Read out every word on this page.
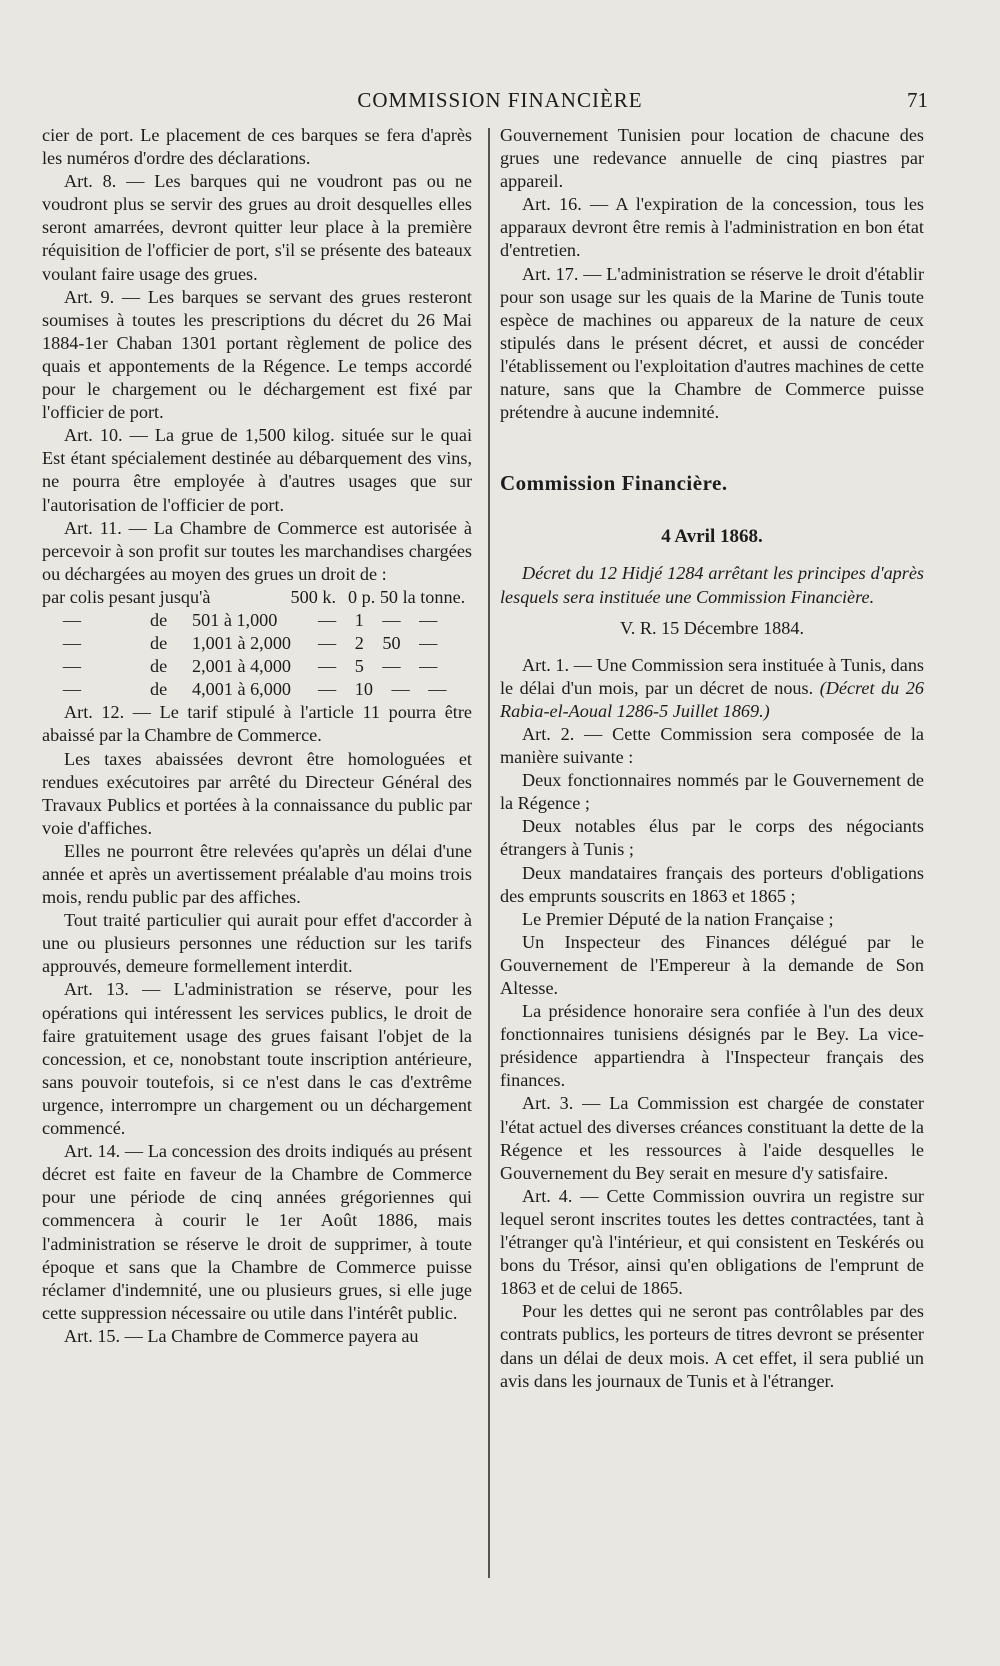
COMMISSION FINANCIÈRE	71

cier de port. Le placement de ces barques se fera d'après les numéros d'ordre des déclarations.

Art. 8. — Les barques qui ne voudront pas ou ne voudront plus se servir des grues au droit desquelles elles seront amarrées, devront quitter leur place à la première réquisition de l'officier de port, s'il se présente des bateaux voulant faire usage des grues.

Art. 9. — Les barques se servant des grues resteront soumises à toutes les prescriptions du décret du 26 Mai 1884-1er Chaban 1301 portant règlement de police des quais et appontements de la Régence. Le temps accordé pour le chargement ou le déchargement est fixé par l'officier de port.

Art. 10. — La grue de 1,500 kilog. située sur le quai Est étant spécialement destinée au débarquement des vins, ne pourra être employée à d'autres usages que sur l'autorisation de l'officier de port.

Art. 11. — La Chambre de Commerce est autorisée à percevoir à son profit sur toutes les marchandises chargées ou déchargées au moyen des grues un droit de :

par colis pesant jusqu'à	500 k. 0 p. 50 la tonne.
—	de	501 à 1,000	— 1 — —
—	de	1,001 à 2,000	— 2 50 —
—	de	2,001 à 4,000	— 5 — —
—	de	4,001 à 6,000	— 10 — —

Art. 12. — Le tarif stipulé à l'article 11 pourra être abaissé par la Chambre de Commerce.

Les taxes abaissées devront être homologuées et rendues exécutoires par arrêté du Directeur Général des Travaux Publics et portées à la connaissance du public par voie d'affiches.

Elles ne pourront être relevées qu'après un délai d'une année et après un avertissement préalable d'au moins trois mois, rendu public par des affiches.

Tout traité particulier qui aurait pour effet d'accorder à une ou plusieurs personnes une réduction sur les tarifs approuvés, demeure formellement interdit.

Art. 13. — L'administration se réserve, pour les opérations qui intéressent les services publics, le droit de faire gratuitement usage des grues faisant l'objet de la concession, et ce, nonobstant toute inscription antérieure, sans pouvoir toutefois, si ce n'est dans le cas d'extrême urgence, interrompre un chargement ou un déchargement commencé.

Art. 14. — La concession des droits indiqués au présent décret est faite en faveur de la Chambre de Commerce pour une période de cinq années grégoriennes qui commencera à courir le 1er Août 1886, mais l'administration se réserve le droit de supprimer, à toute époque et sans que la Chambre de Commerce puisse réclamer d'indemnité, une ou plusieurs grues, si elle juge cette suppression nécessaire ou utile dans l'intérêt public.

Art. 15. — La Chambre de Commerce payera au

Gouvernement Tunisien pour location de chacune des grues une redevance annuelle de cinq piastres par appareil.

Art. 16. — A l'expiration de la concession, tous les apparaux devront être remis à l'administration en bon état d'entretien.

Art. 17. — L'administration se réserve le droit d'établir pour son usage sur les quais de la Marine de Tunis toute espèce de machines ou appareux de la nature de ceux stipulés dans le présent décret, et aussi de concéder l'établissement ou l'exploitation d'autres machines de cette nature, sans que la Chambre de Commerce puisse prétendre à aucune indemnité.

Commission Financière.

4 Avril 1868.

Décret du 12 Hidjé 1284 arrêtant les principes d'après lesquels sera instituée une Commission Financière.

V. R. 15 Décembre 1884.

Art. 1. — Une Commission sera instituée à Tunis, dans le délai d'un mois, par un décret de nous. (Décret du 26 Rabia-el-Aoual 1286-5 Juillet 1869.)

Art. 2. — Cette Commission sera composée de la manière suivante :

Deux fonctionnaires nommés par le Gouvernement de la Régence ;

Deux notables élus par le corps des négociants étrangers à Tunis ;

Deux mandataires français des porteurs d'obligations des emprunts souscrits en 1863 et 1865 ;

Le Premier Député de la nation Française ;

Un Inspecteur des Finances délégué par le Gouvernement de l'Empereur à la demande de Son Altesse.

La présidence honoraire sera confiée à l'un des deux fonctionnaires tunisiens désignés par le Bey. La vice-présidence appartiendra à l'Inspecteur français des finances.

Art. 3. — La Commission est chargée de constater l'état actuel des diverses créances constituant la dette de la Régence et les ressources à l'aide desquelles le Gouvernement du Bey serait en mesure d'y satisfaire.

Art. 4. — Cette Commission ouvrira un registre sur lequel seront inscrites toutes les dettes contractées, tant à l'étranger qu'à l'intérieur, et qui consistent en Teskérés ou bons du Trésor, ainsi qu'en obligations de l'emprunt de 1863 et de celui de 1865.

Pour les dettes qui ne seront pas contrôlables par des contrats publics, les porteurs de titres devront se présenter dans un délai de deux mois. A cet effet, il sera publié un avis dans les journaux de Tunis et à l'étranger.
